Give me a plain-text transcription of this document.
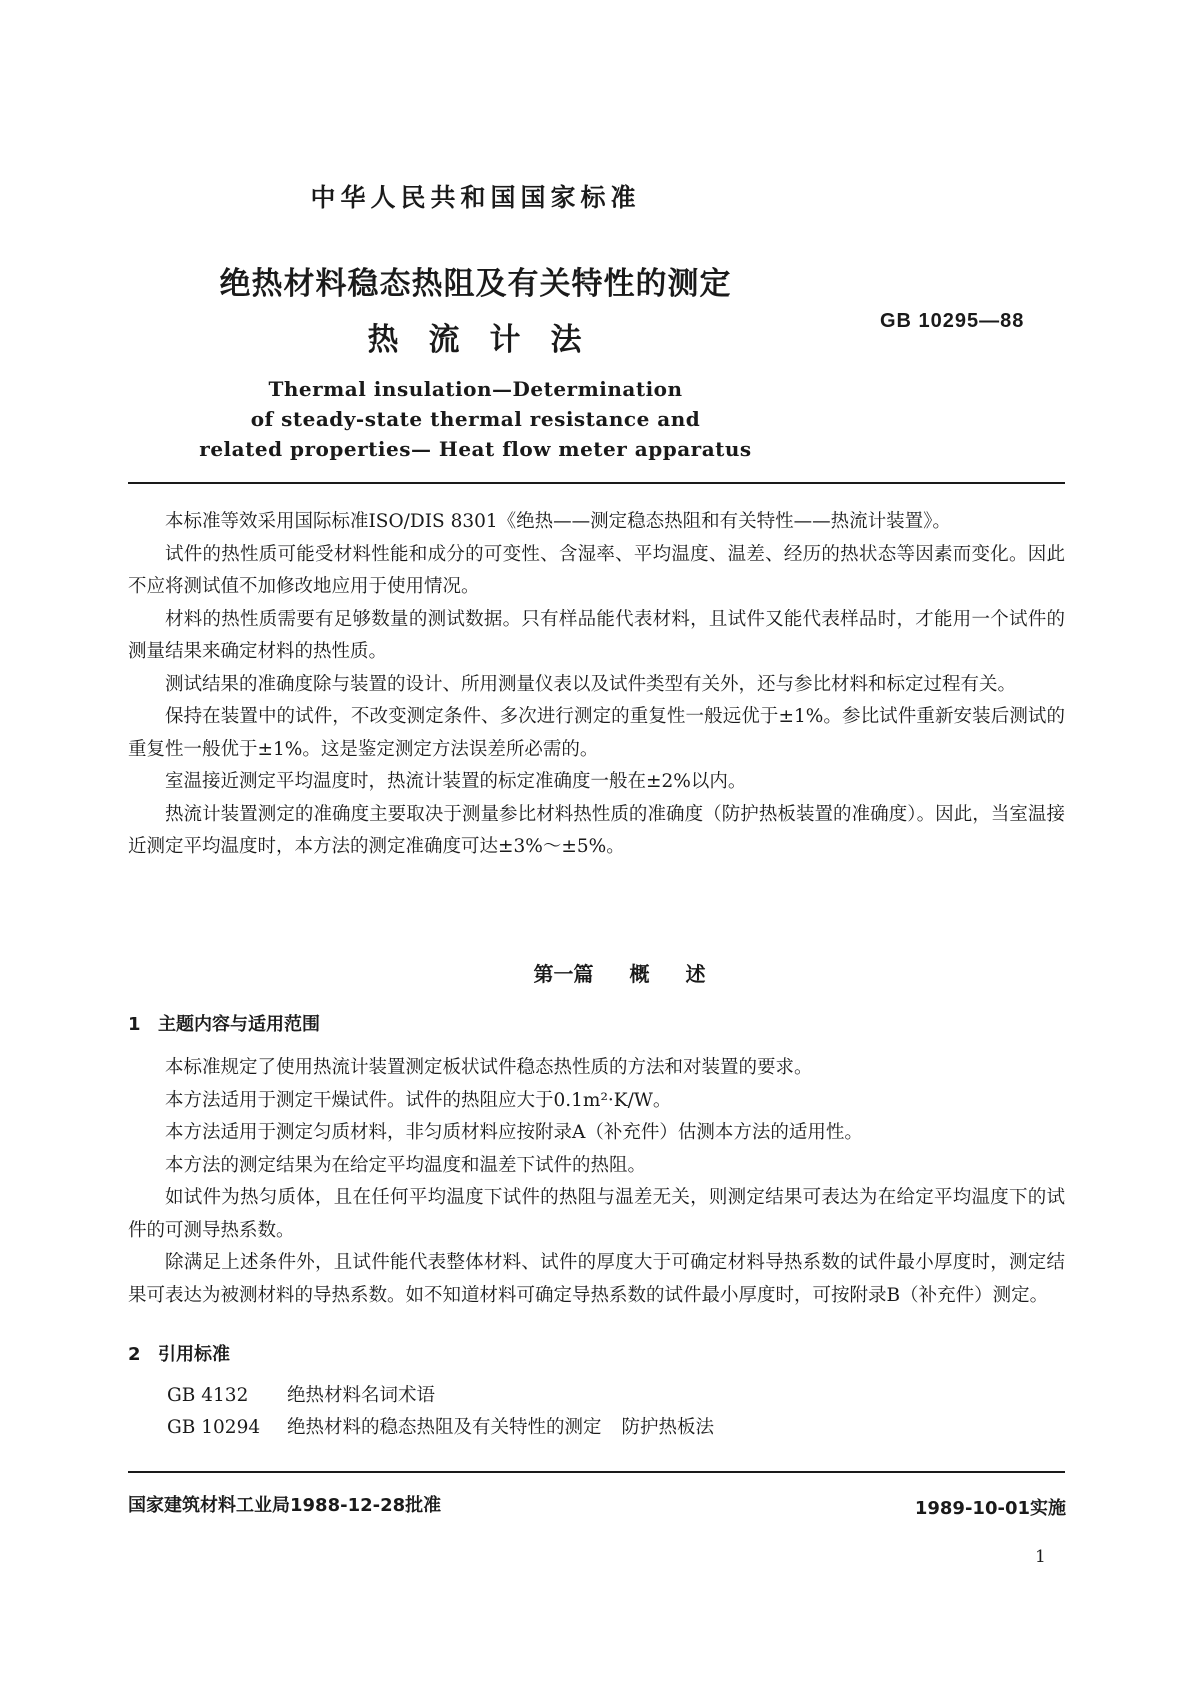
中华人民共和国国家标准
绝热材料稳态热阻及有关特性的测定
热流计法
GB 10295—88
Thermal insulation—Determination
of steady-state thermal resistance and
related properties— Heat flow meter apparatus

本标准等效采用国际标准ISO/DIS 8301《绝热——测定稳态热阻和有关特性——热流计装置》。

试件的热性质可能受材料性能和成分的可变性、含湿率、平均温度、温差、经历的热状态等因素而变化。因此不应将测试值不加修改地应用于使用情况。

材料的热性质需要有足够数量的测试数据。只有样品能代表材料，且试件又能代表样品时，才能用一个试件的测量结果来确定材料的热性质。

测试结果的准确度除与装置的设计、所用测量仪表以及试件类型有关外，还与参比材料和标定过程有关。

保持在装置中的试件，不改变测定条件、多次进行测定的重复性一般远优于±1%。参比试件重新安装后测试的重复性一般优于±1%。这是鉴定测定方法误差所必需的。

室温接近测定平均温度时，热流计装置的标定准确度一般在±2%以内。

热流计装置测定的准确度主要取决于测量参比材料热性质的准确度（防护热板装置的准确度）。因此，当室温接近测定平均温度时，本方法的测定准确度可达±3%～±5%。

第一篇 概 述
1 主题内容与适用范围

本标准规定了使用热流计装置测定板状试件稳态热性质的方法和对装置的要求。

本方法适用于测定干燥试件。试件的热阻应大于0.1m²·K/W。

本方法适用于测定匀质材料，非匀质材料应按附录A（补充件）估测本方法的适用性。

本方法的测定结果为在给定平均温度和温差下试件的热阻。

如试件为热匀质体，且在任何平均温度下试件的热阻与温差无关，则测定结果可表达为在给定平均温度下的试件的可测导热系数。

除满足上述条件外，且试件能代表整体材料、试件的厚度大于可确定材料导热系数的试件最小厚度时，测定结果可表达为被测材料的导热系数。如不知道材料可确定导热系数的试件最小厚度时，可按附录B（补充件）测定。

2 引用标准
GB 4132 绝热材料名词术语
GB 10294 绝热材料的稳态热阻及有关特性的测定 防护热板法
国家建筑材料工业局1988-12-28批准	1989-10-01实施
1
